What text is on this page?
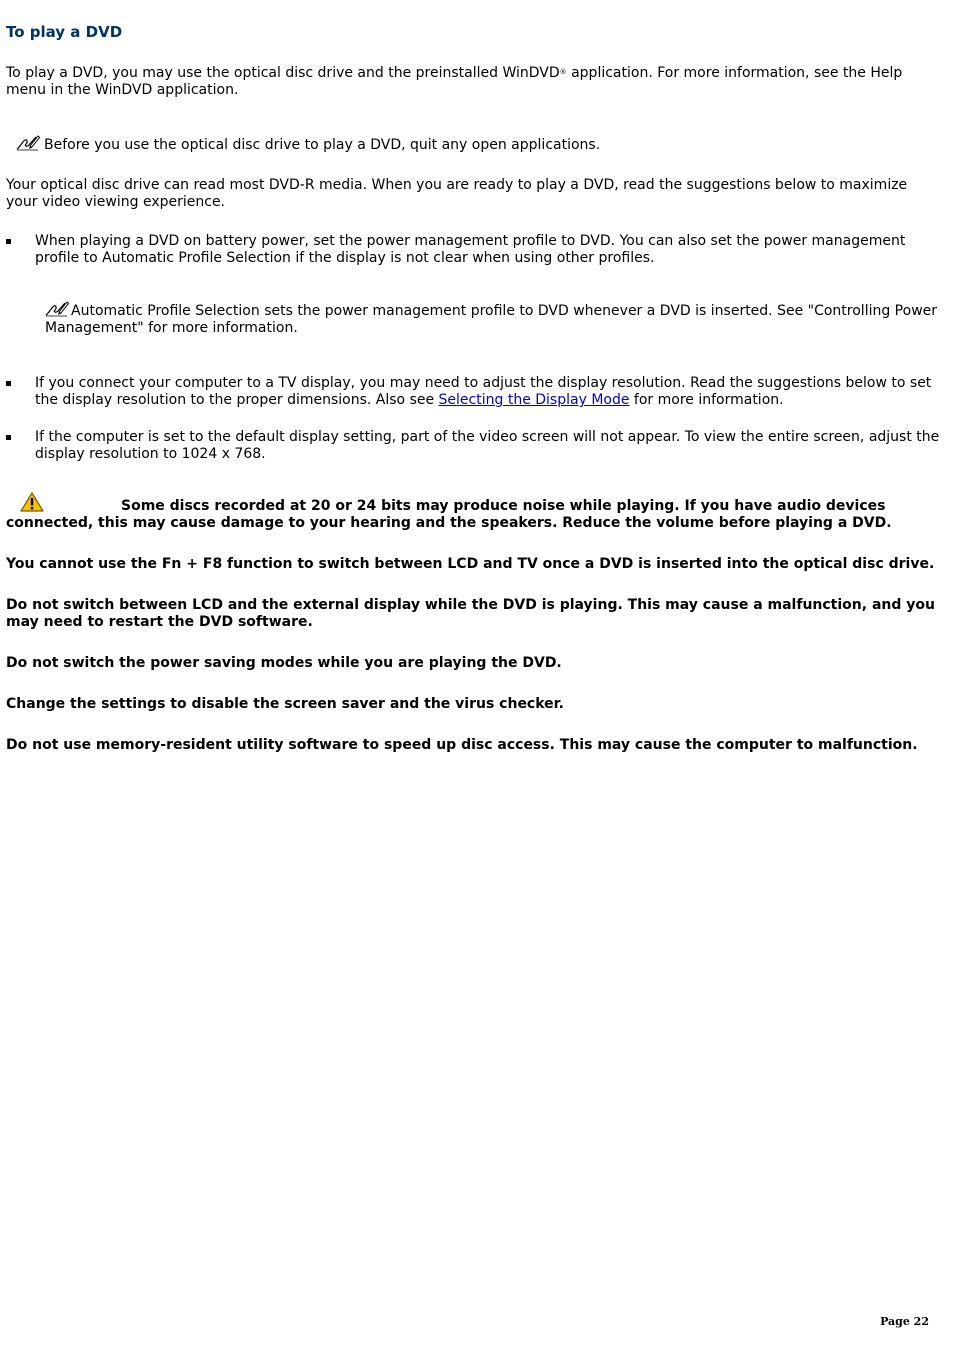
To play a DVD

To play a DVD, you may use the optical disc drive and the preinstalled WinDVD® application. For more information, see the Help menu in the WinDVD application.

Before you use the optical disc drive to play a DVD, quit any open applications.

Your optical disc drive can read most DVD-R media. When you are ready to play a DVD, read the suggestions below to maximize your video viewing experience.

When playing a DVD on battery power, set the power management profile to DVD. You can also set the power management profile to Automatic Profile Selection if the display is not clear when using other profiles.

Automatic Profile Selection sets the power management profile to DVD whenever a DVD is inserted. See "Controlling Power Management" for more information.

If you connect your computer to a TV display, you may need to adjust the display resolution. Read the suggestions below to set the display resolution to the proper dimensions. Also see Selecting the Display Mode for more information.
If the computer is set to the default display setting, part of the video screen will not appear. To view the entire screen, adjust the display resolution to 1024 x 768.

Some discs recorded at 20 or 24 bits may produce noise while playing. If you have audio devices connected, this may cause damage to your hearing and the speakers. Reduce the volume before playing a DVD.

You cannot use the Fn + F8 function to switch between LCD and TV once a DVD is inserted into the optical disc drive.

Do not switch between LCD and the external display while the DVD is playing. This may cause a malfunction, and you may need to restart the DVD software.

Do not switch the power saving modes while you are playing the DVD.

Change the settings to disable the screen saver and the virus checker.

Do not use memory-resident utility software to speed up disc access. This may cause the computer to malfunction.

Page 22
